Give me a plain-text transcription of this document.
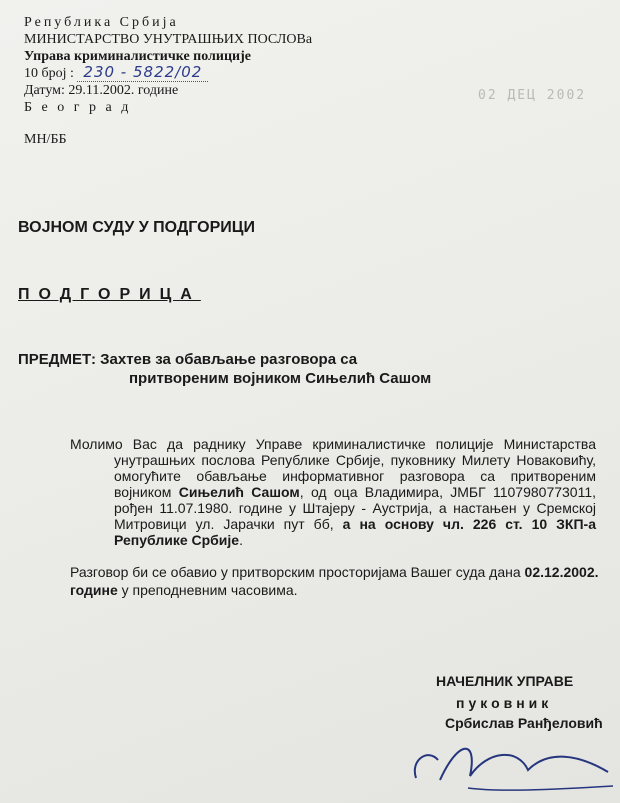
Република Србија
МИНИСТАРСТВО УНУТРАШЊИХ ПОСЛОВа
Управа криминалистичке полиције
10 број : 230 - 5822/02
Датум: 29.11.2002. године
Б е о г р а д
МН/ББ
02 ДЕЦ 2002
ВОЈНОМ СУДУ У ПОДГОРИЦИ
ПОДГОРИЦА
ПРЕДМЕТ: Захтев за обављање разговора са
притвореним војником Сињелић Сашом
Молимо Вас да раднику Управе криминалистичке полиције Министарства унутрашњих послова Републике Србије, пуковнику Милету Новаковићу, омогућите обављање информативног разговора са притвореним војником Сињелић Сашом, од оца Владимира, ЈМБГ 1107980773011, рођен 11.07.1980. године у Штајеру - Аустрија, а настањен у Сремској Митровици ул. Јарачки пут бб, а на основу чл. 226 ст. 10 ЗКП-а Републике Србије.
Разговор би се обавио у притворским просторијама Вашег суда дана 02.12.2002. године у преподневним часовима.
НАЧЕЛНИК УПРАВЕ
пуковник
Србислав Ранђеловић
